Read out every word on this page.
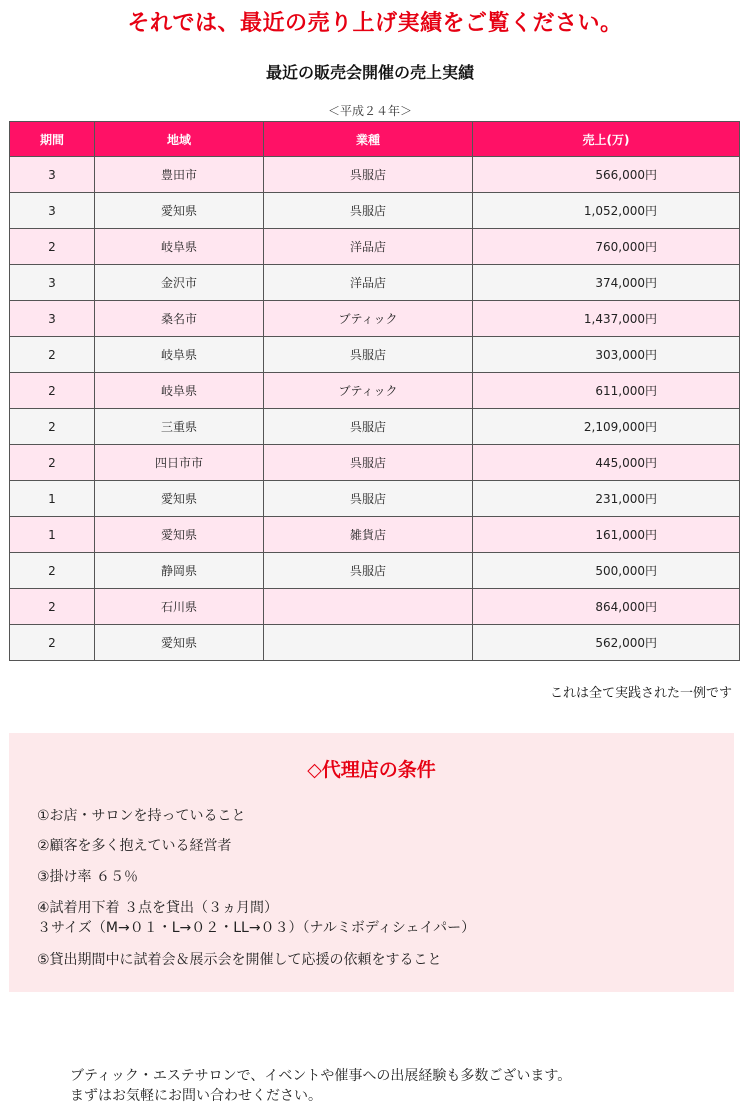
それでは、最近の売り上げ実績をご覧ください。
最近の販売会開催の売上実績
＜平成２４年＞
期間	地域	業種	売上(万)
3	豊田市	呉服店	566,000円
3	愛知県	呉服店	1,052,000円
2	岐阜県	洋品店	760,000円
3	金沢市	洋品店	374,000円
3	桑名市	ブティック	1,437,000円
2	岐阜県	呉服店	303,000円
2	岐阜県	ブティック	611,000円
2	三重県	呉服店	2,109,000円
2	四日市市	呉服店	445,000円
1	愛知県	呉服店	231,000円
1	愛知県	雑貨店	161,000円
2	静岡県	呉服店	500,000円
2	石川県		864,000円
2	愛知県		562,000円
これは全て実践された一例です
◇代理店の条件
①お店・サロンを持っていること
②顧客を多く抱えている経営者
③掛け率 ６５％
④試着用下着 ３点を貸出（３ヵ月間）
３サイズ（M→０１・L→０２・LL→０３）（ナルミボディシェイパー）
⑤貸出期間中に試着会＆展示会を開催して応援の依頼をすること
ブティック・エステサロンで、イベントや催事への出展経験も多数ございます。
まずはお気軽にお問い合わせください。
